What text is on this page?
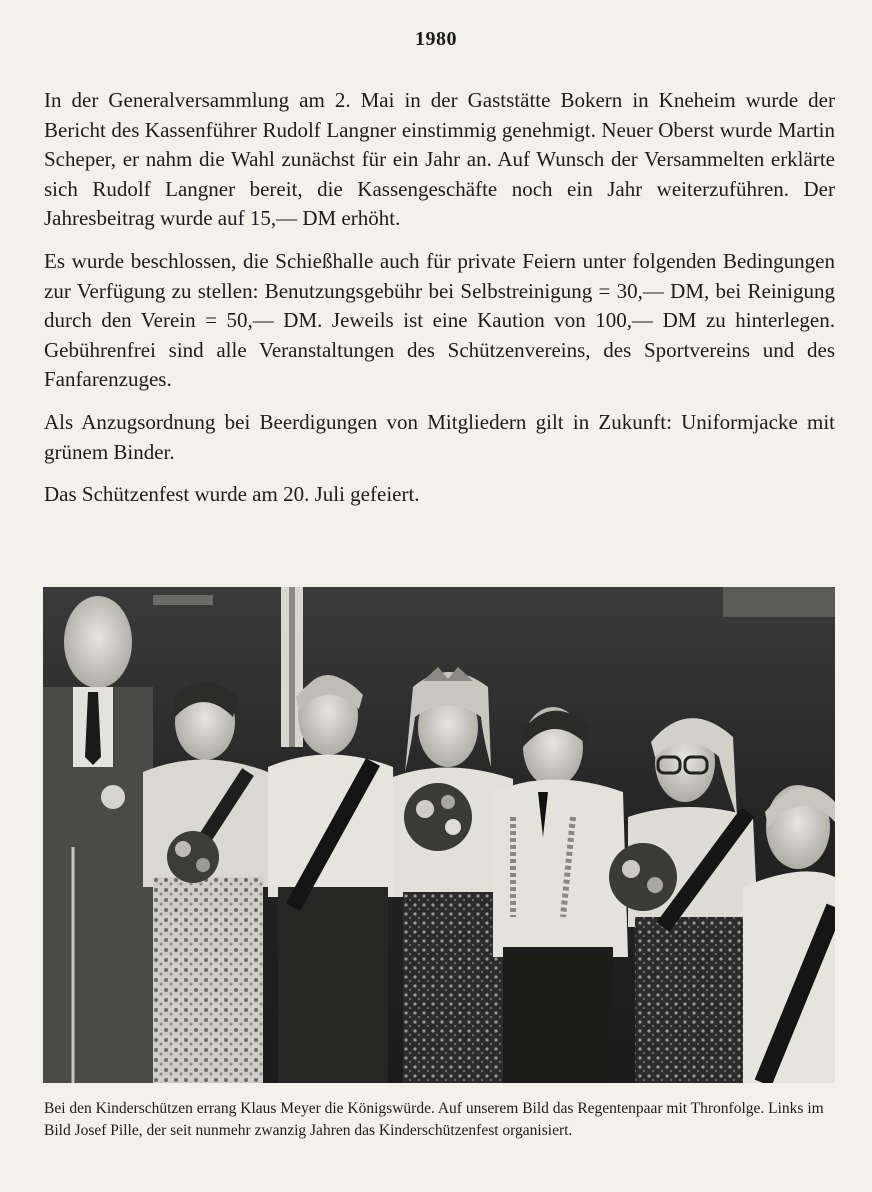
1980

In der Generalversammlung am 2. Mai in der Gaststätte Bokern in Kneheim wurde der Bericht des Kassenführer Rudolf Langner einstimmig genehmigt. Neuer Oberst wurde Martin Scheper, er nahm die Wahl zunächst für ein Jahr an. Auf Wunsch der Versammelten erklärte sich Rudolf Langner bereit, die Kassengeschäfte noch ein Jahr weiterzuführen. Der Jahresbeitrag wurde auf 15,— DM erhöht.

Es wurde beschlossen, die Schießhalle auch für private Feiern unter folgenden Bedingungen zur Verfügung zu stellen: Benutzungsgebühr bei Selbstreinigung = 30,— DM, bei Reinigung durch den Verein = 50,— DM. Jeweils ist eine Kaution von 100,— DM zu hinterlegen. Gebührenfrei sind alle Veranstaltungen des Schützenvereins, des Sportvereins und des Fanfarenzuges.

Als Anzugsordnung bei Beerdigungen von Mitgliedern gilt in Zukunft: Uniformjacke mit grünem Binder.

Das Schützenfest wurde am 20. Juli gefeiert.

Bei den Kinderschützen errang Klaus Meyer die Königswürde. Auf unserem Bild das Regentenpaar mit Thronfolge. Links im Bild Josef Pille, der seit nunmehr zwanzig Jahren das Kinderschützenfest organisiert.
